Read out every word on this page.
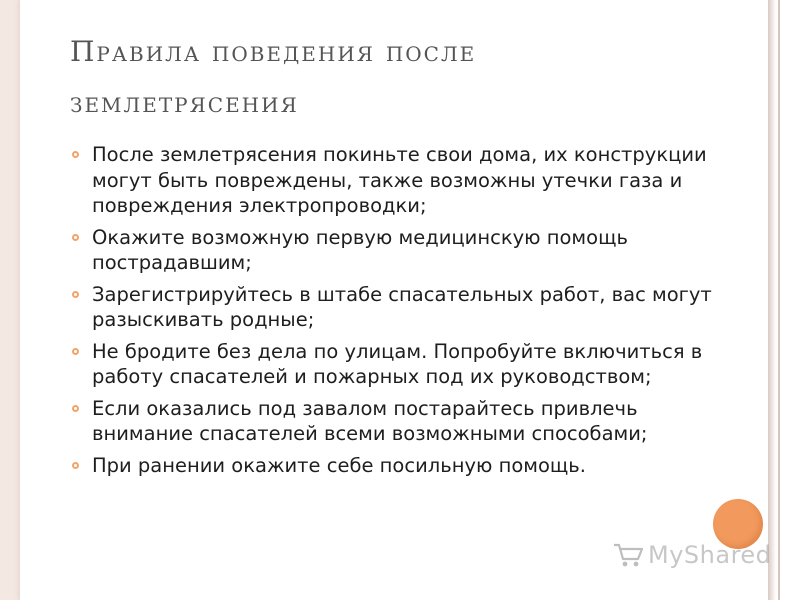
Правила поведения после
землетрясения
После землетрясения покиньте свои дома, их конструкции могут быть повреждены, также возможны утечки газа и повреждения электропроводки;
Окажите возможную первую медицинскую помощь пострадавшим;
Зарегистрируйтесь в штабе спасательных работ, вас могут разыскивать родные;
Не бродите без дела по улицам. Попробуйте включиться в работу спасателей и пожарных под их руководством;
Если оказались под завалом постарайтесь привлечь внимание спасателей всеми возможными способами;
При ранении окажите себе посильную помощь.
MyShared
